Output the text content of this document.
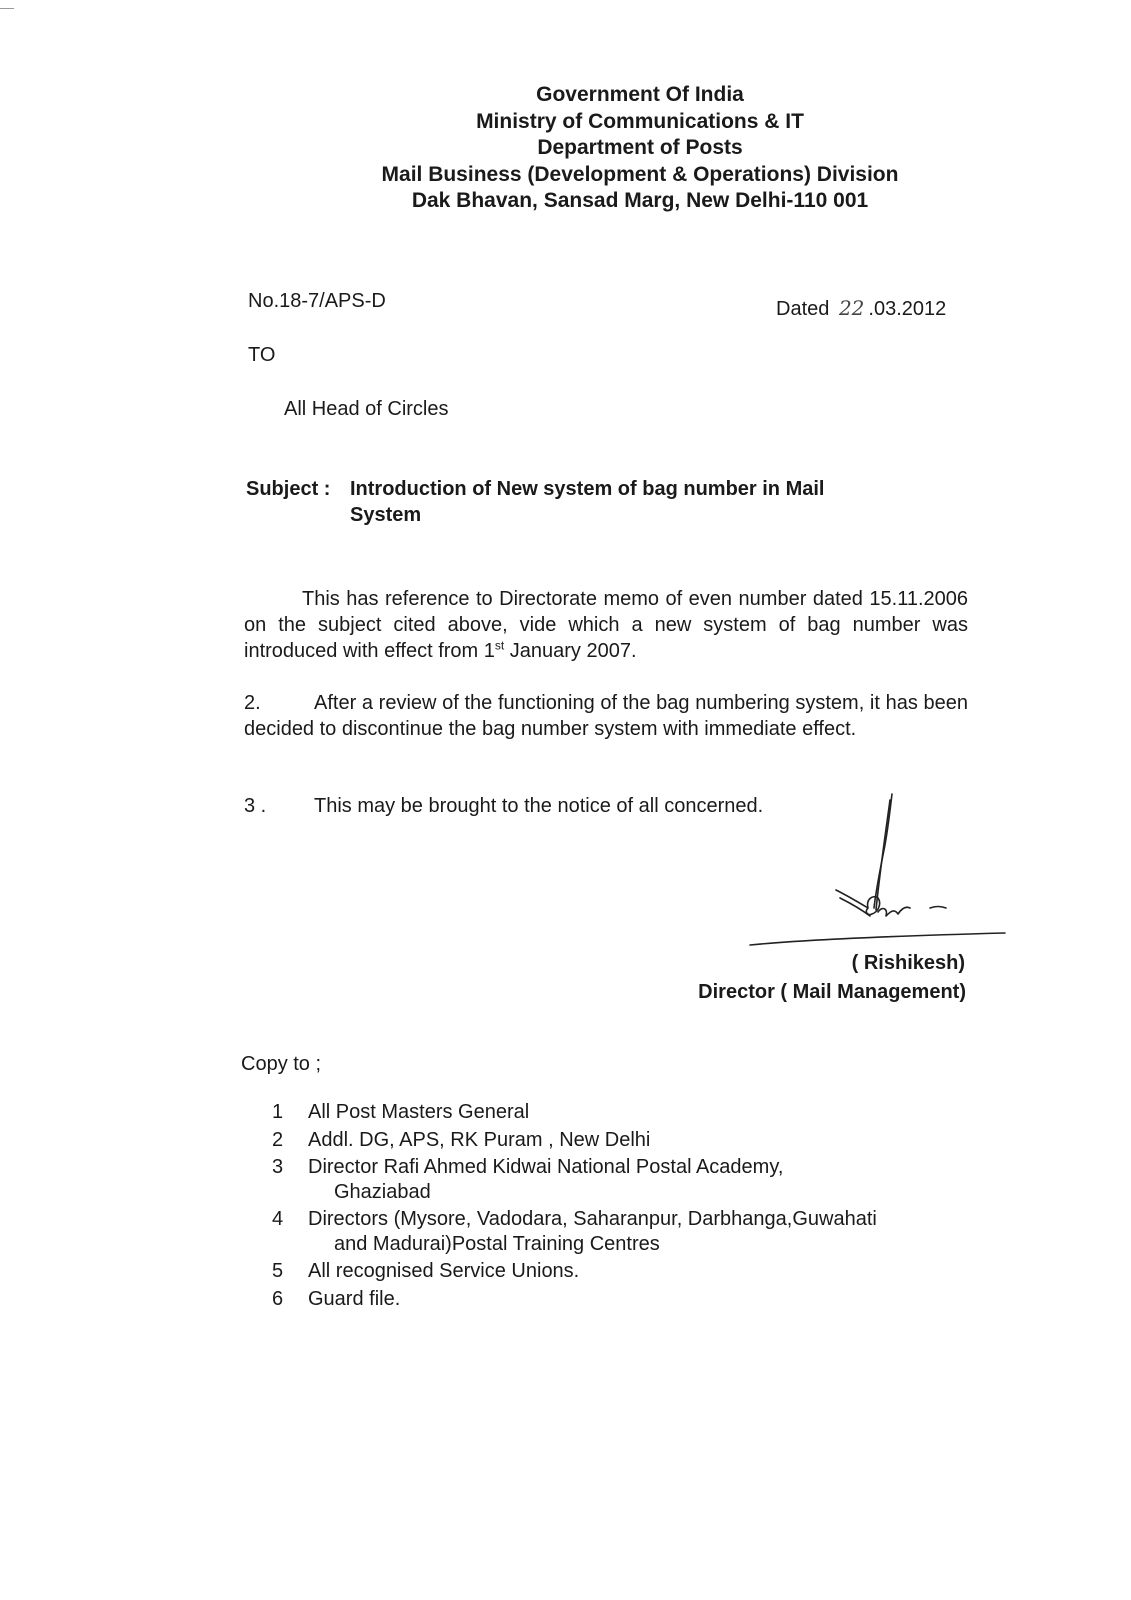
Government Of India
Ministry of Communications & IT
Department of Posts
Mail Business (Development & Operations) Division
Dak Bhavan, Sansad Marg, New Delhi-110 001
No.18-7/APS-D	Dated 22 .03.2012
TO
All Head of Circles
Subject : Introduction of New system of bag number in Mail System
This has reference to Directorate memo of even number dated 15.11.2006 on the subject cited above, vide which a new system of bag number was introduced with effect from 1st January 2007.
2.	After a review of the functioning of the bag numbering system, it has been decided to discontinue the bag number system with immediate effect.
3 . This may be brought to the notice of all concerned.
( Rishikesh)
Director ( Mail Management)
Copy to ;
1 All Post Masters General
2 Addl. DG, APS, RK Puram , New Delhi
3 Director Rafi Ahmed Kidwai National Postal Academy,
Ghaziabad
4 Directors (Mysore, Vadodara, Saharanpur, Darbhanga,Guwahati
and Madurai)Postal Training Centres
5 All recognised Service Unions.
6 Guard file.
